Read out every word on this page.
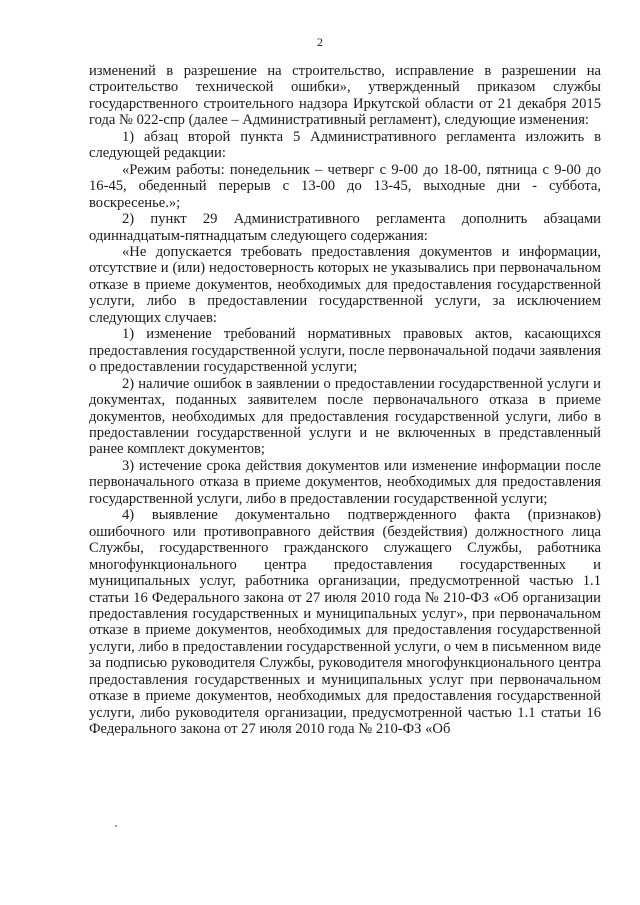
2

изменений в разрешение на строительство, исправление в разрешении на строительство технической ошибки», утвержденный приказом службы государственного строительного надзора Иркутской области от 21 декабря 2015 года № 022-спр (далее – Административный регламент), следующие изменения:

1) абзац второй пункта 5 Административного регламента изложить в следующей редакции:

«Режим работы: понедельник – четверг с 9-00 до 18-00, пятница с 9-00 до 16-45, обеденный перерыв с 13-00 до 13-45, выходные дни - суббота, воскресенье.»;

2) пункт 29 Административного регламента дополнить абзацами одиннадцатым-пятнадцатым следующего содержания:

«Не допускается требовать предоставления документов и информации, отсутствие и (или) недостоверность которых не указывались при первоначальном отказе в приеме документов, необходимых для предоставления государственной услуги, либо в предоставлении государственной услуги, за исключением следующих случаев:

1) изменение требований нормативных правовых актов, касающихся предоставления государственной услуги, после первоначальной подачи заявления о предоставлении государственной услуги;

2) наличие ошибок в заявлении о предоставлении государственной услуги и документах, поданных заявителем после первоначального отказа в приеме документов, необходимых для предоставления государственной услуги, либо в предоставлении государственной услуги и не включенных в представленный ранее комплект документов;

3) истечение срока действия документов или изменение информации после первоначального отказа в приеме документов, необходимых для предоставления государственной услуги, либо в предоставлении государственной услуги;

4) выявление документально подтвержденного факта (признаков) ошибочного или противоправного действия (бездействия) должностного лица Службы, государственного гражданского служащего Службы, работника многофункционального центра предоставления государственных и муниципальных услуг, работника организации, предусмотренной частью 1.1 статьи 16 Федерального закона от 27 июля 2010 года № 210-ФЗ «Об организации предоставления государственных и муниципальных услуг», при первоначальном отказе в приеме документов, необходимых для предоставления государственной услуги, либо в предоставлении государственной услуги, о чем в письменном виде за подписью руководителя Службы, руководителя многофункционального центра предоставления государственных и муниципальных услуг при первоначальном отказе в приеме документов, необходимых для предоставления государственной услуги, либо руководителя организации, предусмотренной частью 1.1 статьи 16 Федерального закона от 27 июля 2010 года № 210-ФЗ «Об
